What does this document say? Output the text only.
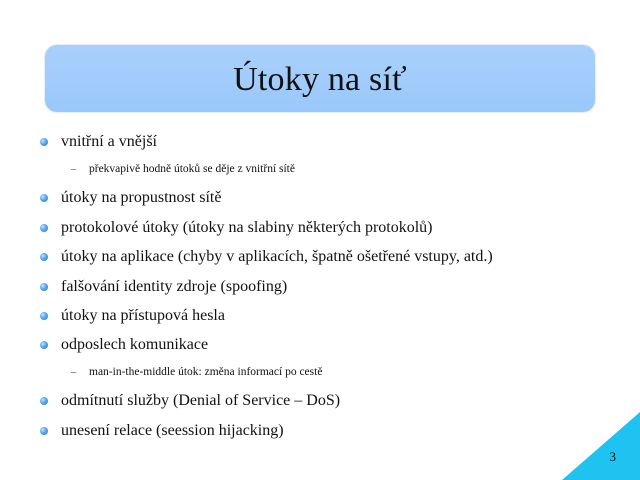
Útoky na síť
vnitřní a vnější
– překvapivě hodně útoků se děje z vnitřní sítě
útoky na propustnost sítě
protokolové útoky (útoky na slabiny některých protokolů)
útoky na aplikace (chyby v aplikacích, špatně ošetřené vstupy, atd.)
falšování identity zdroje (spoofing)
útoky na přístupová hesla
odposlech komunikace
– man-in-the-middle útok: změna informací po cestě
odmítnutí služby (Denial of Service – DoS)
unesení relace (seession hijacking)
3
